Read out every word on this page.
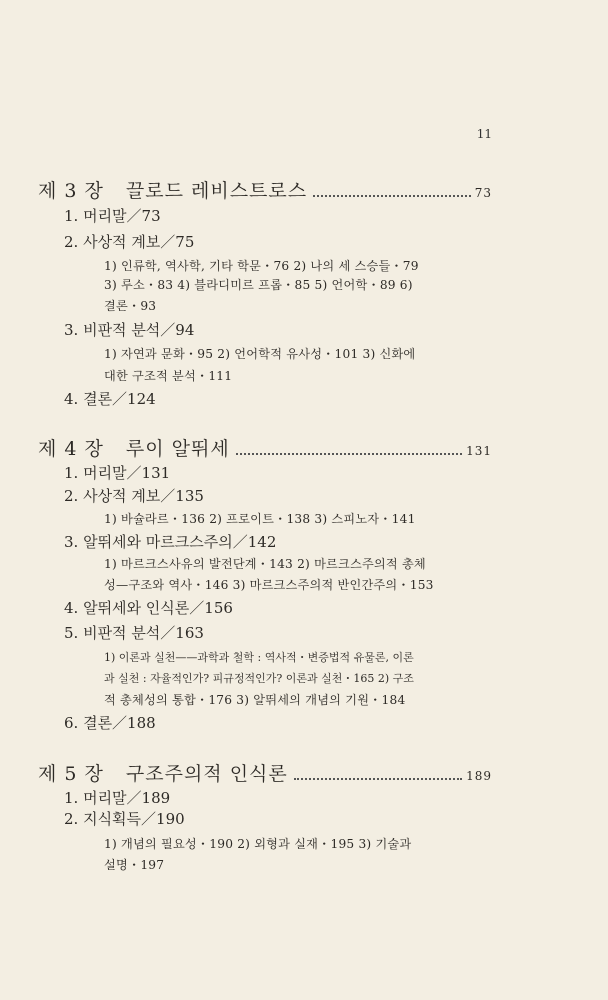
11
제 3 장 끌로드 레비스트로스	73
1. 머리말／73
2. 사상적 계보／75
1) 인류학, 역사학, 기타 학문・76 2) 나의 세 스승들・79
3) 루소・83 4) 블라디미르 프롭・85 5) 언어학・89 6)
결론・93
3. 비판적 분석／94
1) 자연과 문화・95 2) 언어학적 유사성・101 3) 신화에
대한 구조적 분석・111
4. 결론／124
제 4 장 루이 알뛰세	131
1. 머리말／131
2. 사상적 계보／135
1) 바슐라르・136 2) 프로이트・138 3) 스피노자・141
3. 알뛰세와 마르크스주의／142
1) 마르크스사유의 발전단계・143 2) 마르크스주의적 총체
성—구조와 역사・146 3) 마르크스주의적 반인간주의・153
4. 알뛰세와 인식론／156
5. 비판적 분석／163
1) 이론과 실천——과학과 철학 : 역사적・변증법적 유물론, 이론
과 실천 : 자율적인가? 피규정적인가? 이론과 실천・165 2) 구조
적 총체성의 통합・176 3) 알뛰세의 개념의 기원・184
6. 결론／188
제 5 장 구조주의적 인식론	189
1. 머리말／189
2. 지식획득／190
1) 개념의 필요성・190 2) 외형과 실재・195 3) 기술과
설명・197
